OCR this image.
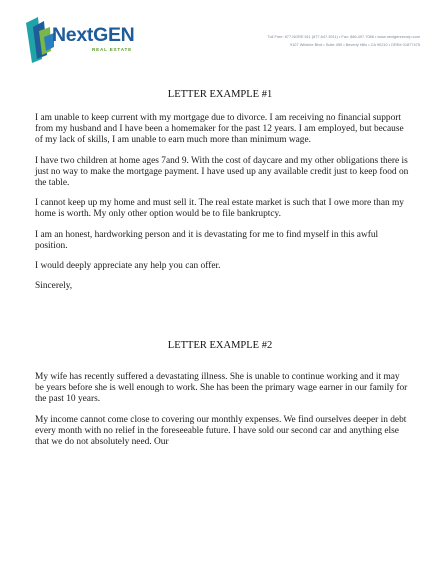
NextGEN
REAL ESTATE
Toll Free: 877.NGRE.911 (877.647.3911) • Fax: 866.497.7086 • www.nextgenrecorp.com
9107 Wilshire Blvd • Suite 450 • Beverly Hills • CA 90210 • DRE# 01877475
LETTER EXAMPLE #1

I am unable to keep current with my mortgage due to divorce. I am receiving no financial support from my husband and I have been a homemaker for the past 12 years. I am employed, but because of my lack of skills, I am unable to earn much more than minimum wage.

I have two children at home ages 7and 9. With the cost of daycare and my other obligations there is just no way to make the mortgage payment. I have used up any available credit just to keep food on the table.

I cannot keep up my home and must sell it. The real estate market is such that I owe more than my home is worth. My only other option would be to file bankruptcy.

I am an honest, hardworking person and it is devastating for me to find myself in this awful position.

I would deeply appreciate any help you can offer.

Sincerely,

LETTER EXAMPLE #2

My wife has recently suffered a devastating illness. She is unable to continue working and it may be years before she is well enough to work. She has been the primary wage earner in our family for the past 10 years.

My income cannot come close to covering our monthly expenses. We find ourselves deeper in debt every month with no relief in the foreseeable future. I have sold our second car and anything else that we do not absolutely need. Our
